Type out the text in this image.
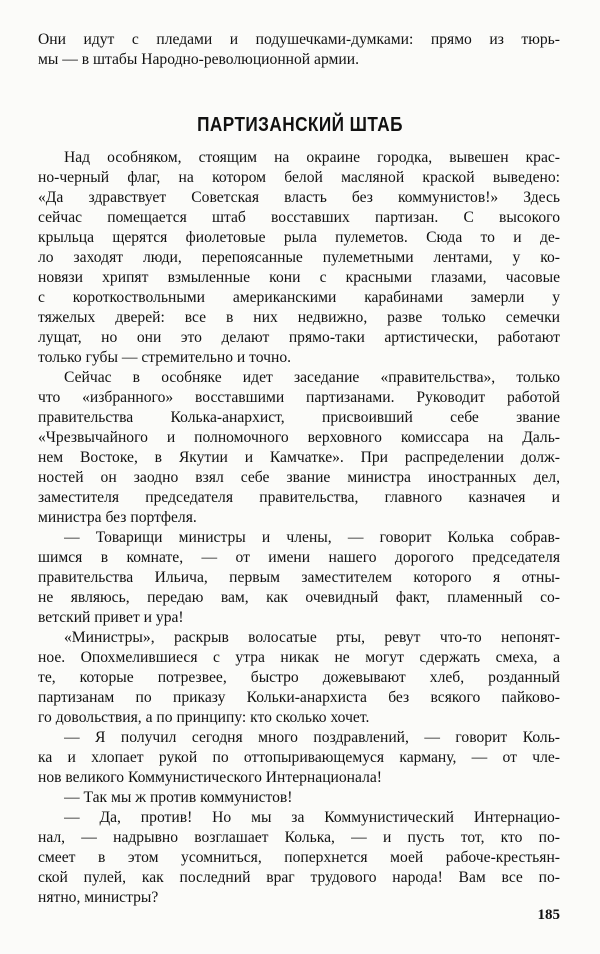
Они идут с пледами и подушечками-думками: прямо из тюрь-
мы — в штабы Народно-революционной армии.
ПАРТИЗАНСКИЙ ШТАБ
Над особняком, стоящим на окраине городка, вывешен крас-
но-черный флаг, на котором белой масляной краской выведено:
«Да здравствует Советская власть без коммунистов!» Здесь
сейчас помещается штаб восставших партизан. С высокого
крыльца щерятся фиолетовые рыла пулеметов. Сюда то и де-
ло заходят люди, перепоясанные пулеметными лентами, у ко-
новязи хрипят взмыленные кони с красными глазами, часовые
с короткоствольными американскими карабинами замерли у
тяжелых дверей: все в них недвижно, разве только семечки
лущат, но они это делают прямо-таки артистически, работают
только губы — стремительно и точно.
Сейчас в особняке идет заседание «правительства», только
что «избранного» восставшими партизанами. Руководит работой
правительства Колька-анархист, присвоивший себе звание
«Чрезвычайного и полномочного верховного комиссара на Даль-
нем Востоке, в Якутии и Камчатке». При распределении долж-
ностей он заодно взял себе звание министра иностранных дел,
заместителя председателя правительства, главного казначея и
министра без портфеля.
— Товарищи министры и члены, — говорит Колька собрав-
шимся в комнате, — от имени нашего дорогого председателя
правительства Ильича, первым заместителем которого я отны-
не являюсь, передаю вам, как очевидный факт, пламенный со-
ветский привет и ура!
«Министры», раскрыв волосатые рты, ревут что-то непонят-
ное. Опохмелившиеся с утра никак не могут сдержать смеха, а
те, которые потрезвее, быстро дожевывают хлеб, розданный
партизанам по приказу Кольки-анархиста без всякого пайково-
го довольствия, а по принципу: кто сколько хочет.
— Я получил сегодня много поздравлений, — говорит Коль-
ка и хлопает рукой по оттопыривающемуся карману, — от чле-
нов великого Коммунистического Интернационала!
— Так мы ж против коммунистов!
— Да, против! Но мы за Коммунистический Интернацио-
нал, — надрывно возглашает Колька, — и пусть тот, кто по-
смеет в этом усомниться, поперхнется моей рабоче-крестьян-
ской пулей, как последний враг трудового народа! Вам все по-
нятно, министры?
185
